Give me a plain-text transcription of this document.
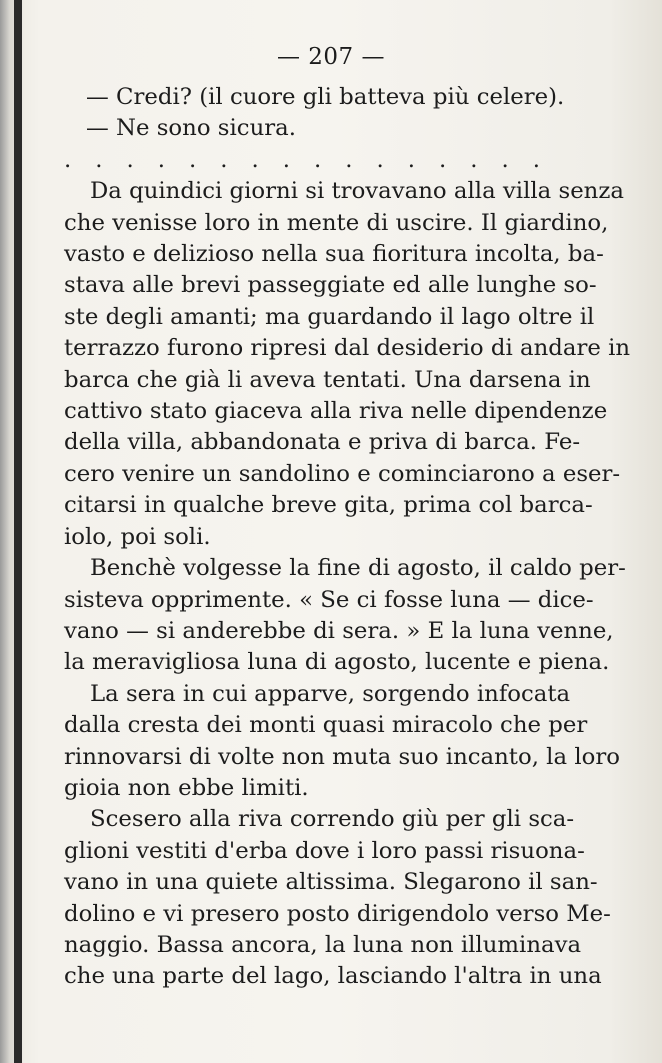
— 207 —

— Credi? (il cuore gli batteva più celere).

— Ne sono sicura.

. . . . . . . . . . . . . . . .

Da quindici giorni si trovavano alla villa senza
che venisse loro in mente di uscire. Il giardino,
vasto e delizioso nella sua fioritura incolta, ba-
stava alle brevi passeggiate ed alle lunghe so-
ste degli amanti; ma guardando il lago oltre il
terrazzo furono ripresi dal desiderio di andare in
barca che già li aveva tentati. Una darsena in
cattivo stato giaceva alla riva nelle dipendenze
della villa, abbandonata e priva di barca. Fe-
cero venire un sandolino e cominciarono a eser-
citarsi in qualche breve gita, prima col barca-
iolo, poi soli.
Benchè volgesse la fine di agosto, il caldo per-
sisteva opprimente. « Se ci fosse luna — dice-
vano — si anderebbe di sera. » E la luna venne,
la meravigliosa luna di agosto, lucente e piena.
La sera in cui apparve, sorgendo infocata
dalla cresta dei monti quasi miracolo che per
rinnovarsi di volte non muta suo incanto, la loro
gioia non ebbe limiti.
Scesero alla riva correndo giù per gli sca-
glioni vestiti d'erba dove i loro passi risuona-
vano in una quiete altissima. Slegarono il san-
dolino e vi presero posto dirigendolo verso Me-
naggio. Bassa ancora, la luna non illuminava
che una parte del lago, lasciando l'altra in una
